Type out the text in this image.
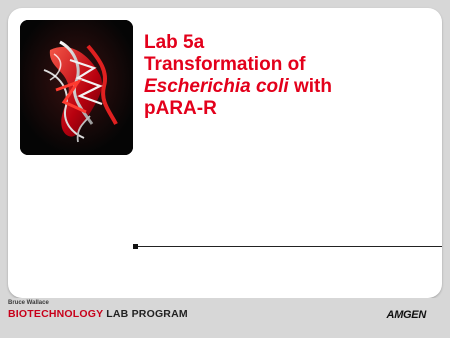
Lab 5a
Transformation of
Escherichia coli with
pARA-R
Bruce Wallace
BIOTECHNOLOGY LAB PROGRAM	AMGEN
